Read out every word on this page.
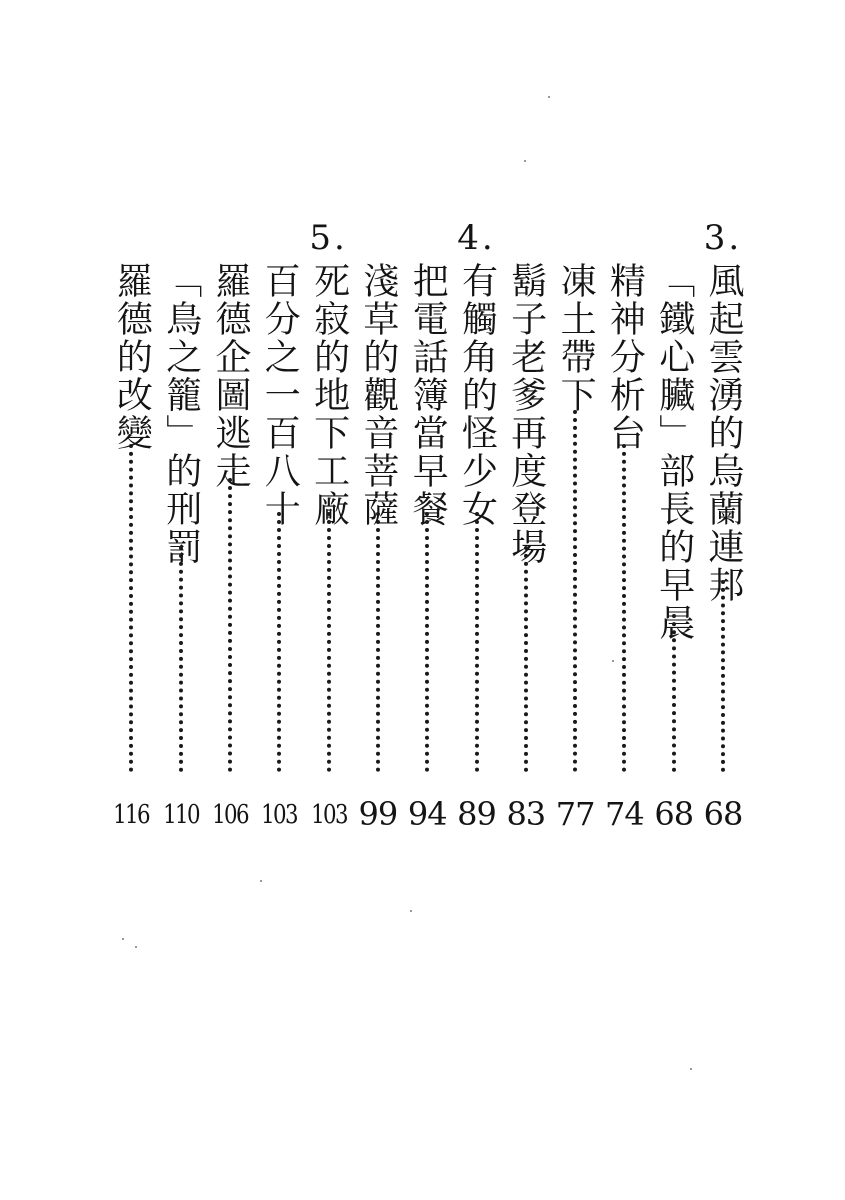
3.
風起雲湧的烏蘭連邦
68
「鐵心臟」部長的早晨
68
精神分析台
74
凍土帶下
77
鬍子老爹再度登場
83
4.
有觸角的怪少女
89
把電話簿當早餐
94
淺草的觀音菩薩
99
5.
死寂的地下工廠
103
百分之一百八十
103
羅德企圖逃走
106
「鳥之籠」的刑罰
110
羅德的改變
116
